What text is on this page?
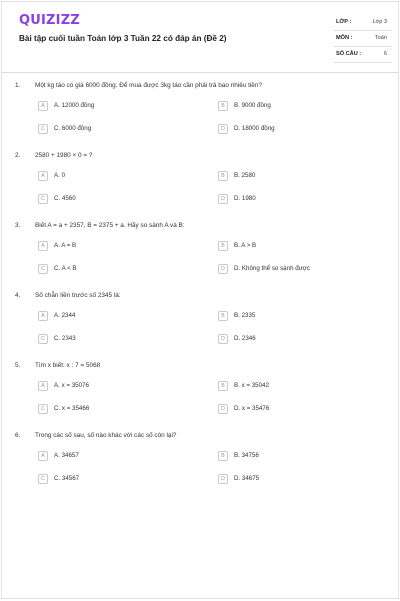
QUIZIZZ
Bài tập cuối tuần Toán lớp 3 Tuần 22 có đáp án (Đề 2)
LỚP :	Lớp 3
MÔN :	Toán
SỐ CÂU :	6
1. Một kg táo có giá 6000 đồng. Để mua được 3kg táo cần phải trả bao nhiêu tiền?
A	A. 12000 đồng	B	B. 9000 đồng
C	C. 6000 đồng	D	D. 18000 đồng
2. 2580 + 1980 × 0 = ?
A	A. 0	B	B. 2580
C	C. 4560	D	D. 1980
3. Biết A = a + 2357, B = 2375 + a. Hãy so sánh A và B:
A	A. A = B	B	B. A > B
C	C. A < B	D	D. Không thể so sánh được
4. Số chẵn liền trước số 2345 là:
A	A. 2344	B	B. 2335
C	C. 2343	D	D. 2346
5. Tìm x biết: x : 7 = 5068
A	A. x = 35076	B	B. x = 35042
C	C. x = 35466	D	D. x = 35476
6. Trong các số sau, số nào khác với các số còn lại?
A	A. 34657	B	B. 34756
C	C. 34567	D	D. 34675
